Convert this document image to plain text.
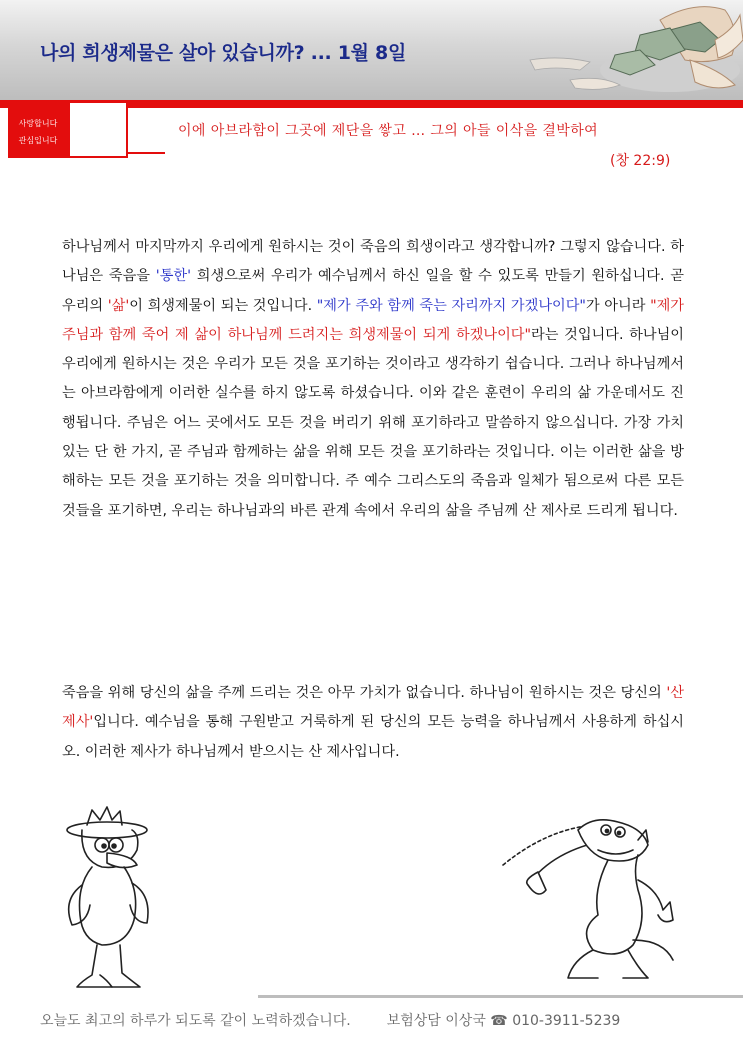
나의 희생제물은 살아 있습니까? ... 1월 8일
사랑합니다
관심입니다
이에 아브라함이 그곳에 제단을 쌓고 … 그의 아들 이삭을 결박하여
(창 22:9)
하나님께서 마지막까지 우리에게 원하시는 것이 죽음의 희생이라고 생각합니까? 그렇지 않습니다. 하나님은 죽음을 '통한' 희생으로써 우리가 예수님께서 하신 일을 할 수 있도록 만들기 원하십니다. 곧 우리의 '삶'이 희생제물이 되는 것입니다. "제가 주와 함께 죽는 자리까지 가겠나이다"가 아니라 "제가 주님과 함께 죽어 제 삶이 하나님께 드려지는 희생제물이 되게 하겠나이다"라는 것입니다. 하나님이 우리에게 원하시는 것은 우리가 모든 것을 포기하는 것이라고 생각하기 쉽습니다. 그러나 하나님께서는 아브라함에게 이러한 실수를 하지 않도록 하셨습니다. 이와 같은 훈련이 우리의 삶 가운데서도 진행됩니다. 주님은 어느 곳에서도 모든 것을 버리기 위해 포기하라고 말씀하지 않으십니다. 가장 가치 있는 단 한 가지, 곧 주님과 함께하는 삶을 위해 모든 것을 포기하라는 것입니다. 이는 이러한 삶을 방해하는 모든 것을 포기하는 것을 의미합니다. 주 예수 그리스도의 죽음과 일체가 됨으로써 다른 모든 것들을 포기하면, 우리는 하나님과의 바른 관계 속에서 우리의 삶을 주님께 산 제사로 드리게 됩니다.
죽음을 위해 당신의 삶을 주께 드리는 것은 아무 가치가 없습니다. 하나님이 원하시는 것은 당신의 '산 제사'입니다. 예수님을 통해 구원받고 거룩하게 된 당신의 모든 능력을 하나님께서 사용하게 하십시오. 이러한 제사가 하나님께서 받으시는 산 제사입니다.
오늘도 최고의 하루가 되도록 같이 노력하겠습니다.	보험상담 이상국 ☎ 010-3911-5239
